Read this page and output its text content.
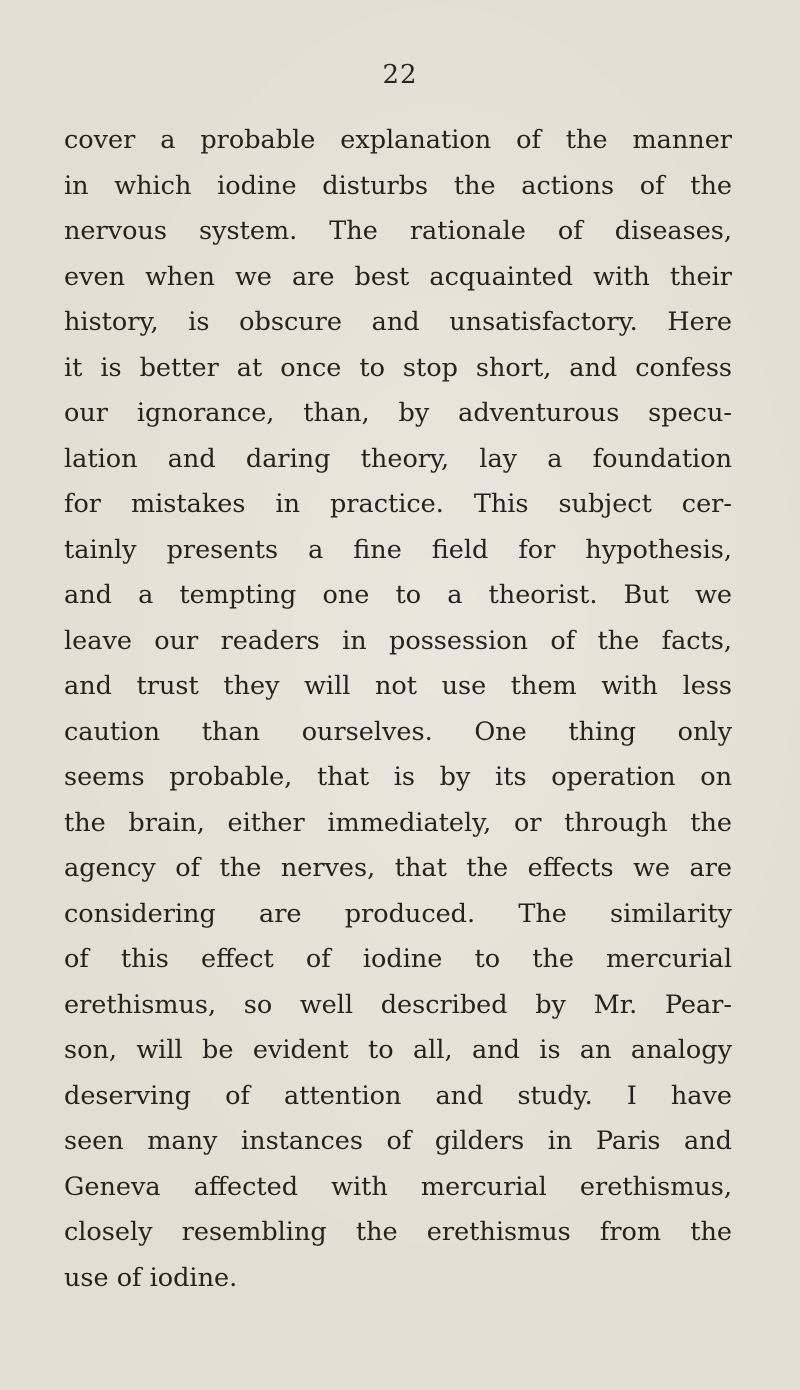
22
cover a probable explanation of the manner
in which iodine disturbs the actions of the
nervous system. The rationale of diseases,
even when we are best acquainted with their
history, is obscure and unsatisfactory. Here
it is better at once to stop short, and confess
our ignorance, than, by adventurous specu-
lation and daring theory, lay a foundation
for mistakes in practice. This subject cer-
tainly presents a fine field for hypothesis,
and a tempting one to a theorist. But we
leave our readers in possession of the facts,
and trust they will not use them with less
caution than ourselves. One thing only
seems probable, that is by its operation on
the brain, either immediately, or through the
agency of the nerves, that the effects we are
considering are produced. The similarity
of this effect of iodine to the mercurial
erethismus, so well described by Mr. Pear-
son, will be evident to all, and is an analogy
deserving of attention and study. I have
seen many instances of gilders in Paris and
Geneva affected with mercurial erethismus,
closely resembling the erethismus from the
use of iodine.
